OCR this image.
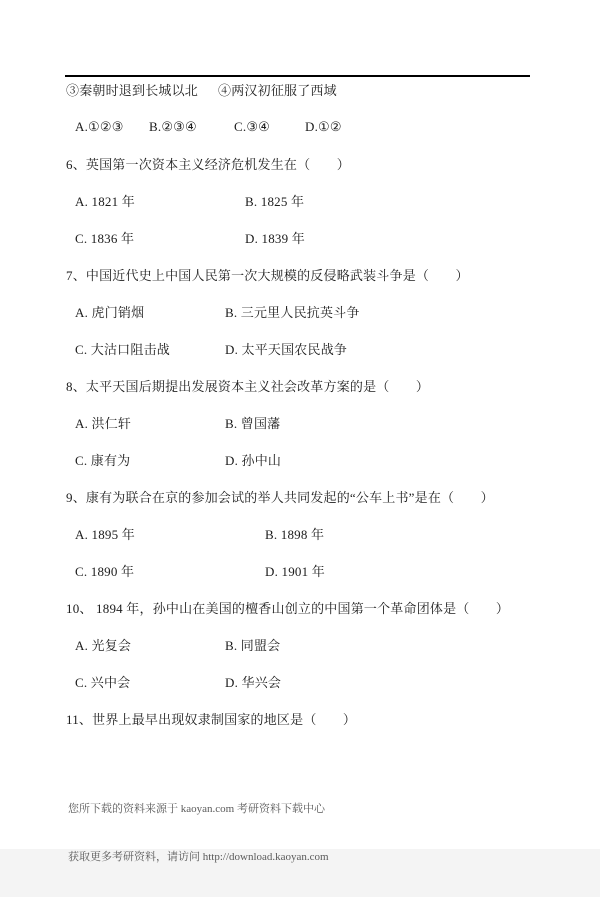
③秦朝时退到长城以北 ④两汉初征服了西域
A.①②③	B.②③④	C.③④	D.①②
6、英国第一次资本主义经济危机发生在（　　）
A. 1821 年	B. 1825 年
C. 1836 年	D. 1839 年
7、中国近代史上中国人民第一次大规模的反侵略武装斗争是（　　）
A. 虎门销烟	B. 三元里人民抗英斗争
C. 大沽口阻击战	D. 太平天国农民战争
8、太平天国后期提出发展资本主义社会改革方案的是（　　）
A. 洪仁轩	B. 曾国藩
C. 康有为	D. 孙中山
9、康有为联合在京的参加会试的举人共同发起的“公车上书”是在（　　）
A. 1895 年	B. 1898 年
C. 1890 年	D. 1901 年
10、 1894 年，孙中山在美国的檀香山创立的中国第一个革命团体是（　　）
A. 光复会	B. 同盟会
C. 兴中会	D. 华兴会
11、世界上最早出现奴隶制国家的地区是（　　）

您所下载的资料来源于 kaoyan.com 考研资料下载中心

获取更多考研资料，请访问 http://download.kaoyan.com
